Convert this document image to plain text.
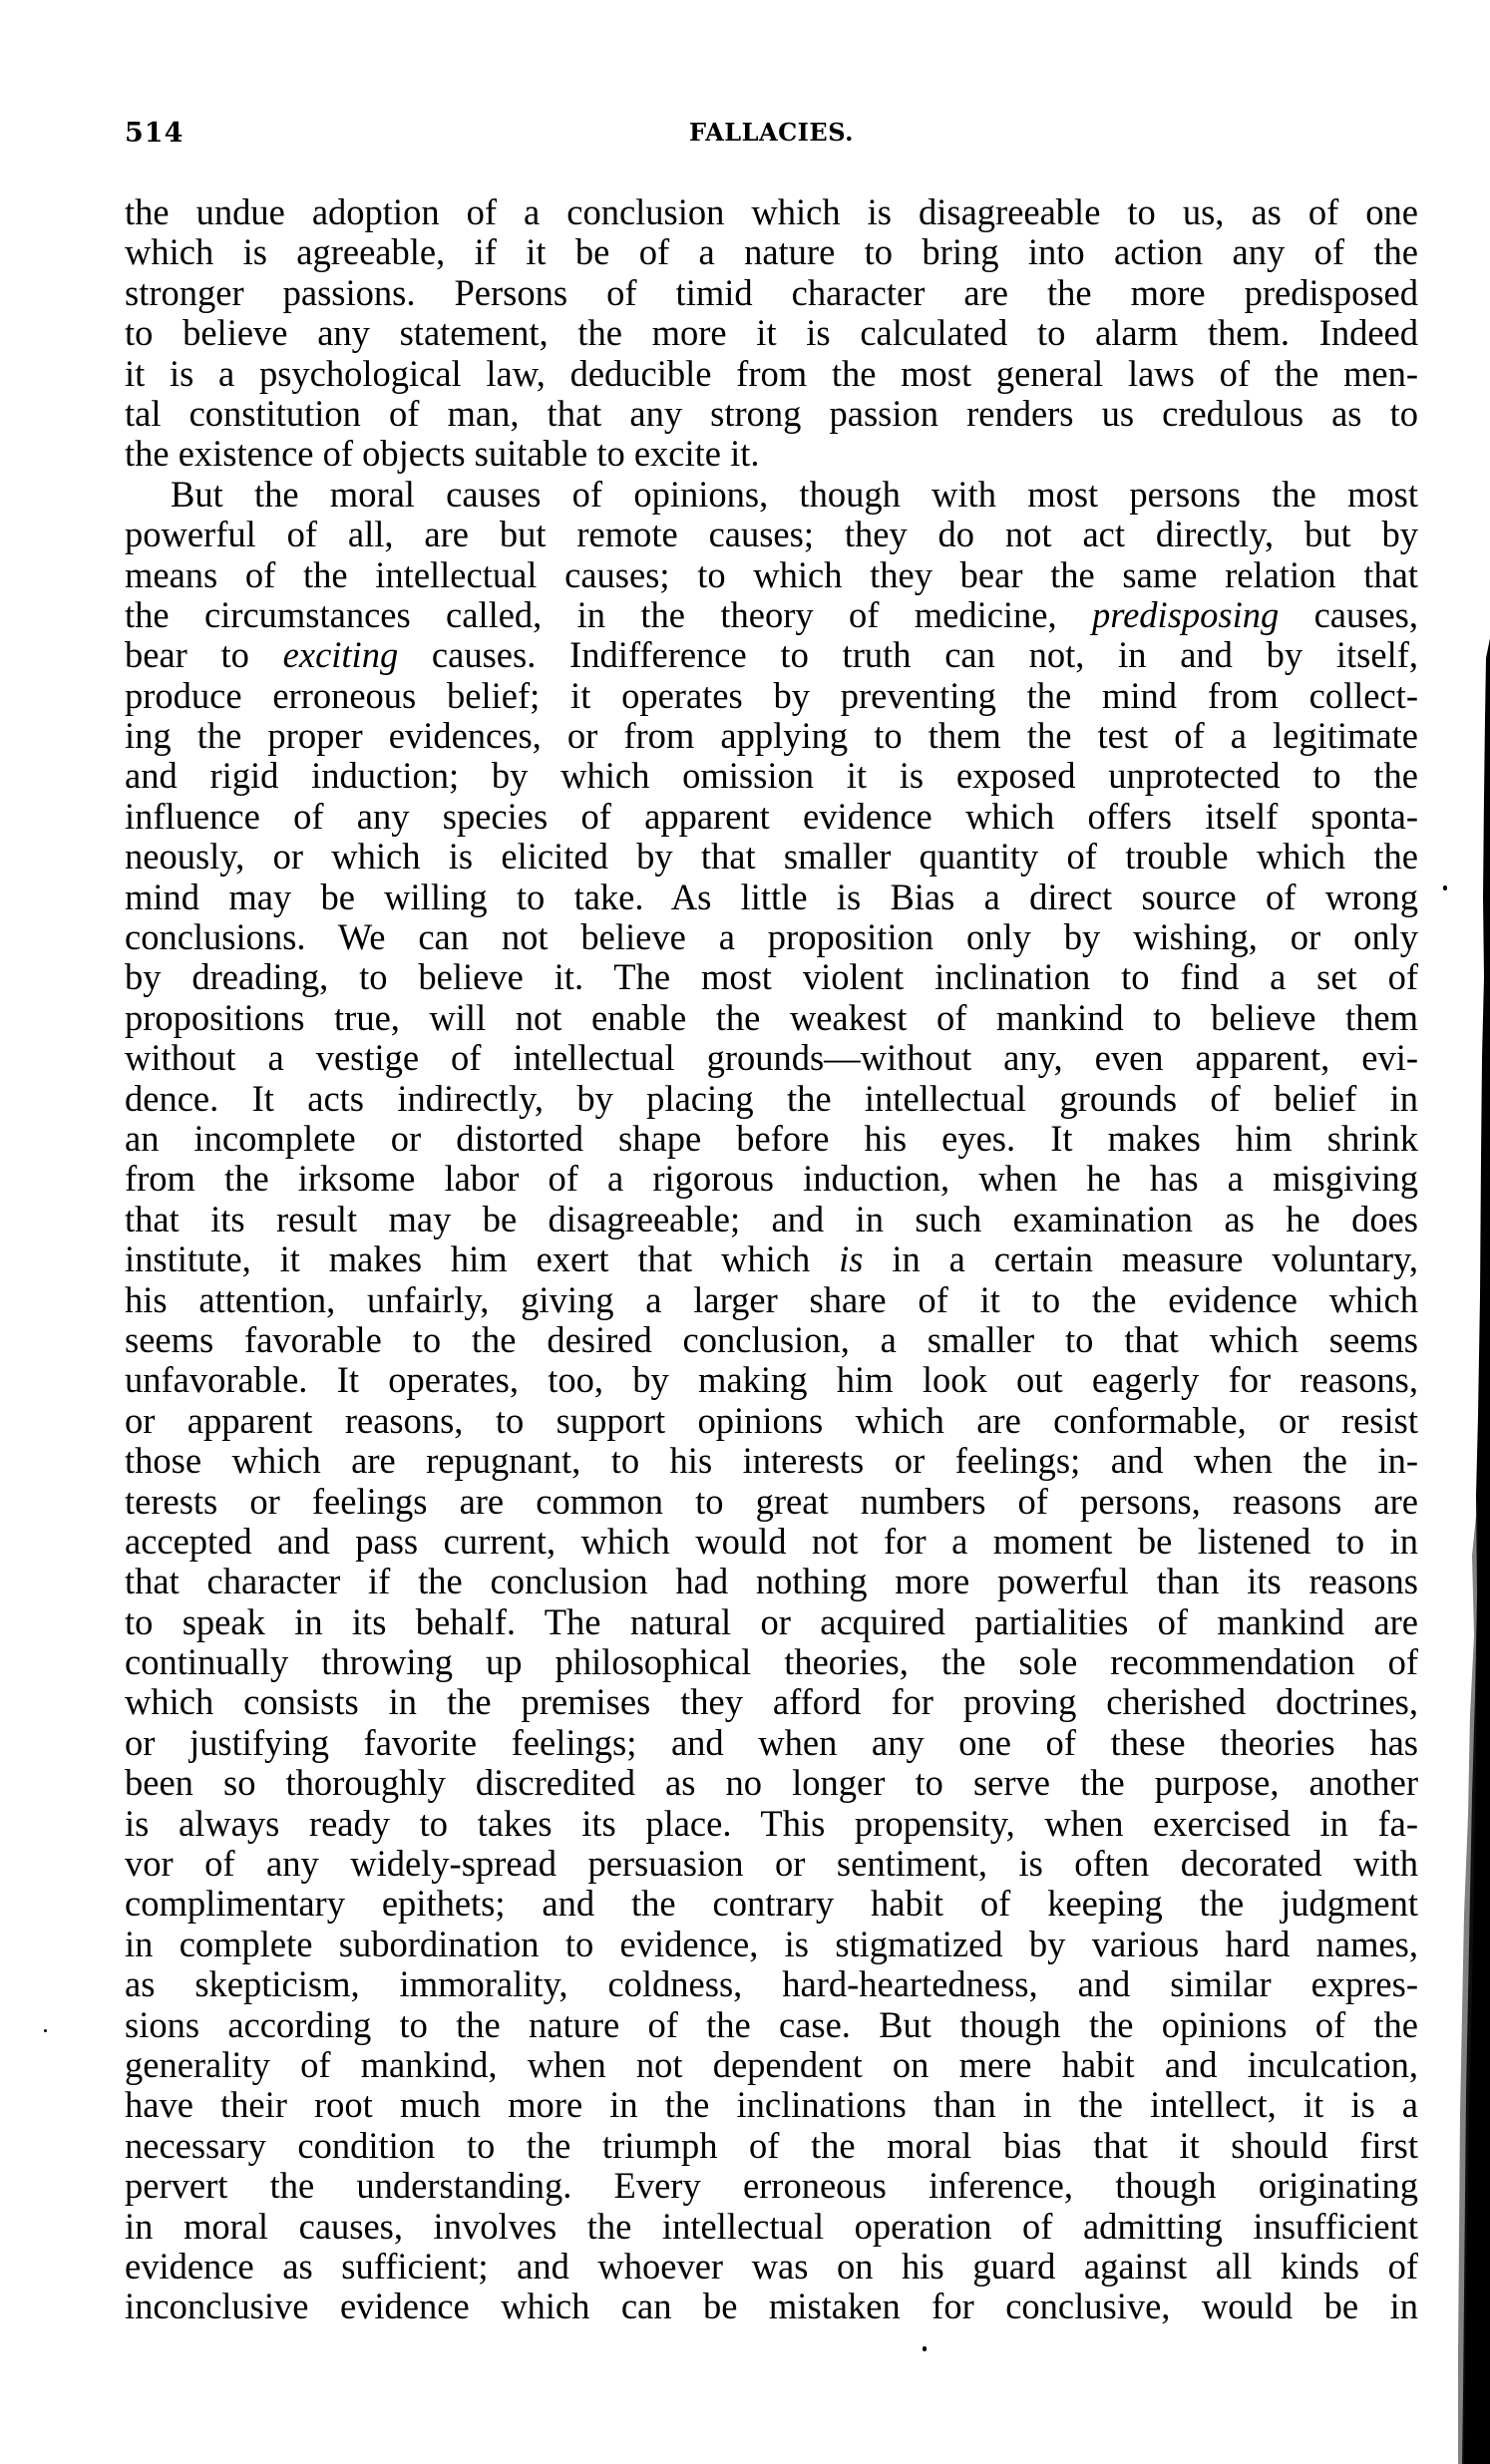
514	FALLACIES.
the undue adoption of a conclusion which is disagreeable to us, as of one
which is agreeable, if it be of a nature to bring into action any of the
stronger passions. Persons of timid character are the more predisposed
to believe any statement, the more it is calculated to alarm them. Indeed
it is a psychological law, deducible from the most general laws of the men-
tal constitution of man, that any strong passion renders us credulous as to
the existence of objects suitable to excite it.
But the moral causes of opinions, though with most persons the most
powerful of all, are but remote causes; they do not act directly, but by
means of the intellectual causes; to which they bear the same relation that
the circumstances called, in the theory of medicine, predisposing causes,
bear to exciting causes. Indifference to truth can not, in and by itself,
produce erroneous belief; it operates by preventing the mind from collect-
ing the proper evidences, or from applying to them the test of a legitimate
and rigid induction; by which omission it is exposed unprotected to the
influence of any species of apparent evidence which offers itself sponta-
neously, or which is elicited by that smaller quantity of trouble which the
mind may be willing to take. As little is Bias a direct source of wrong
conclusions. We can not believe a proposition only by wishing, or only
by dreading, to believe it. The most violent inclination to find a set of
propositions true, will not enable the weakest of mankind to believe them
without a vestige of intellectual grounds—without any, even apparent, evi-
dence. It acts indirectly, by placing the intellectual grounds of belief in
an incomplete or distorted shape before his eyes. It makes him shrink
from the irksome labor of a rigorous induction, when he has a misgiving
that its result may be disagreeable; and in such examination as he does
institute, it makes him exert that which is in a certain measure voluntary,
his attention, unfairly, giving a larger share of it to the evidence which
seems favorable to the desired conclusion, a smaller to that which seems
unfavorable. It operates, too, by making him look out eagerly for reasons,
or apparent reasons, to support opinions which are conformable, or resist
those which are repugnant, to his interests or feelings; and when the in-
terests or feelings are common to great numbers of persons, reasons are
accepted and pass current, which would not for a moment be listened to in
that character if the conclusion had nothing more powerful than its reasons
to speak in its behalf. The natural or acquired partialities of mankind are
continually throwing up philosophical theories, the sole recommendation of
which consists in the premises they afford for proving cherished doctrines,
or justifying favorite feelings; and when any one of these theories has
been so thoroughly discredited as no longer to serve the purpose, another
is always ready to takes its place. This propensity, when exercised in fa-
vor of any widely-spread persuasion or sentiment, is often decorated with
complimentary epithets; and the contrary habit of keeping the judgment
in complete subordination to evidence, is stigmatized by various hard names,
as skepticism, immorality, coldness, hard-heartedness, and similar expres-
sions according to the nature of the case. But though the opinions of the
generality of mankind, when not dependent on mere habit and inculcation,
have their root much more in the inclinations than in the intellect, it is a
necessary condition to the triumph of the moral bias that it should first
pervert the understanding. Every erroneous inference, though originating
in moral causes, involves the intellectual operation of admitting insufficient
evidence as sufficient; and whoever was on his guard against all kinds of
inconclusive evidence which can be mistaken for conclusive, would be in
